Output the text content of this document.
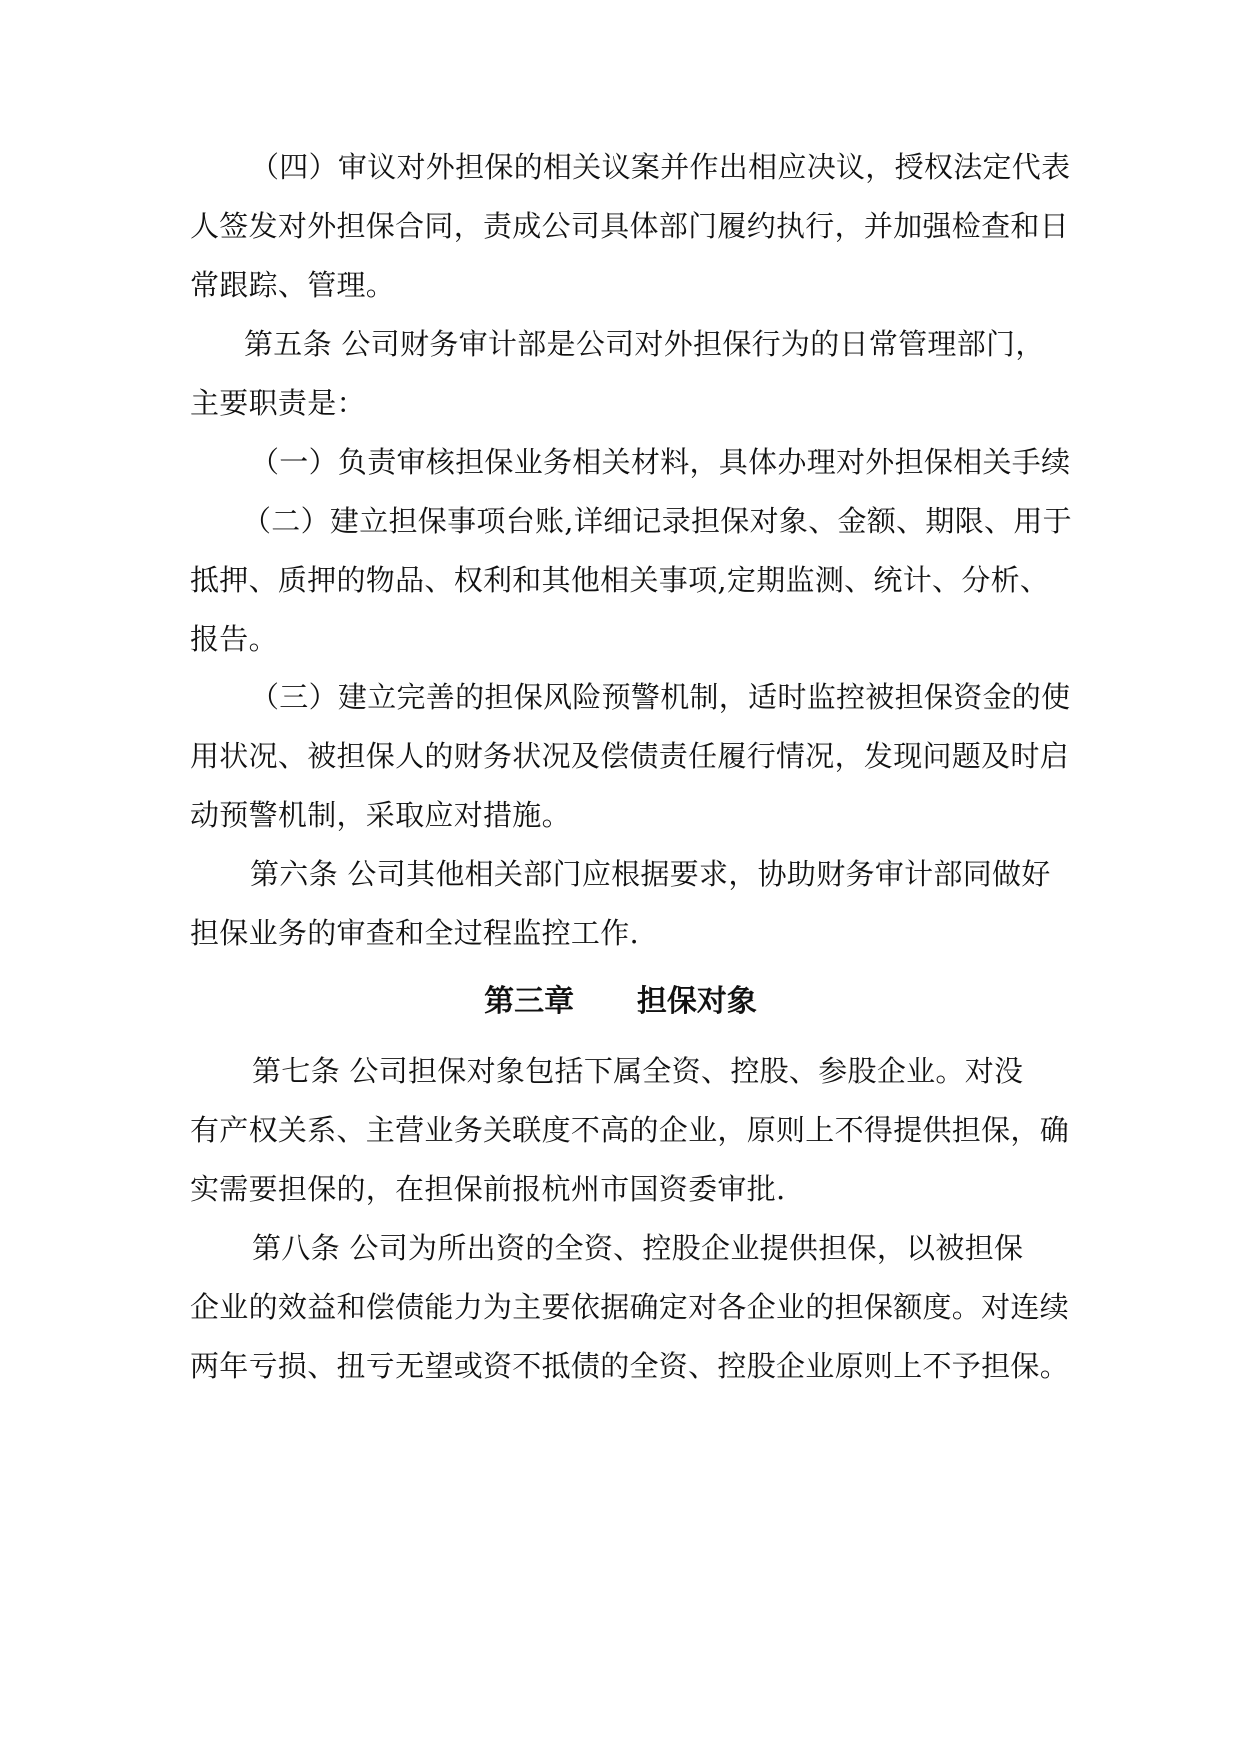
（四）审议对外担保的相关议案并作出相应决议，授权法定代表
人签发对外担保合同，责成公司具体部门履约执行，并加强检查和日
常跟踪、管理。
第五条 公司财务审计部是公司对外担保行为的日常管理部门，
主要职责是：
（一）负责审核担保业务相关材料，具体办理对外担保相关手续
（二）建立担保事项台账,详细记录担保对象、金额、期限、用于
抵押、质押的物品、权利和其他相关事项,定期监测、统计、分析、
报告。
（三）建立完善的担保风险预警机制，适时监控被担保资金的使
用状况、被担保人的财务状况及偿债责任履行情况，发现问题及时启
动预警机制，采取应对措施。
第六条 公司其他相关部门应根据要求，协助财务审计部同做好
担保业务的审查和全过程监控工作.
第三章      担保对象
第七条 公司担保对象包括下属全资、控股、参股企业。对没
有产权关系、主营业务关联度不高的企业，原则上不得提供担保，确
实需要担保的，在担保前报杭州市国资委审批.
第八条 公司为所出资的全资、控股企业提供担保，以被担保
企业的效益和偿债能力为主要依据确定对各企业的担保额度。对连续
两年亏损、扭亏无望或资不抵债的全资、控股企业原则上不予担保。
